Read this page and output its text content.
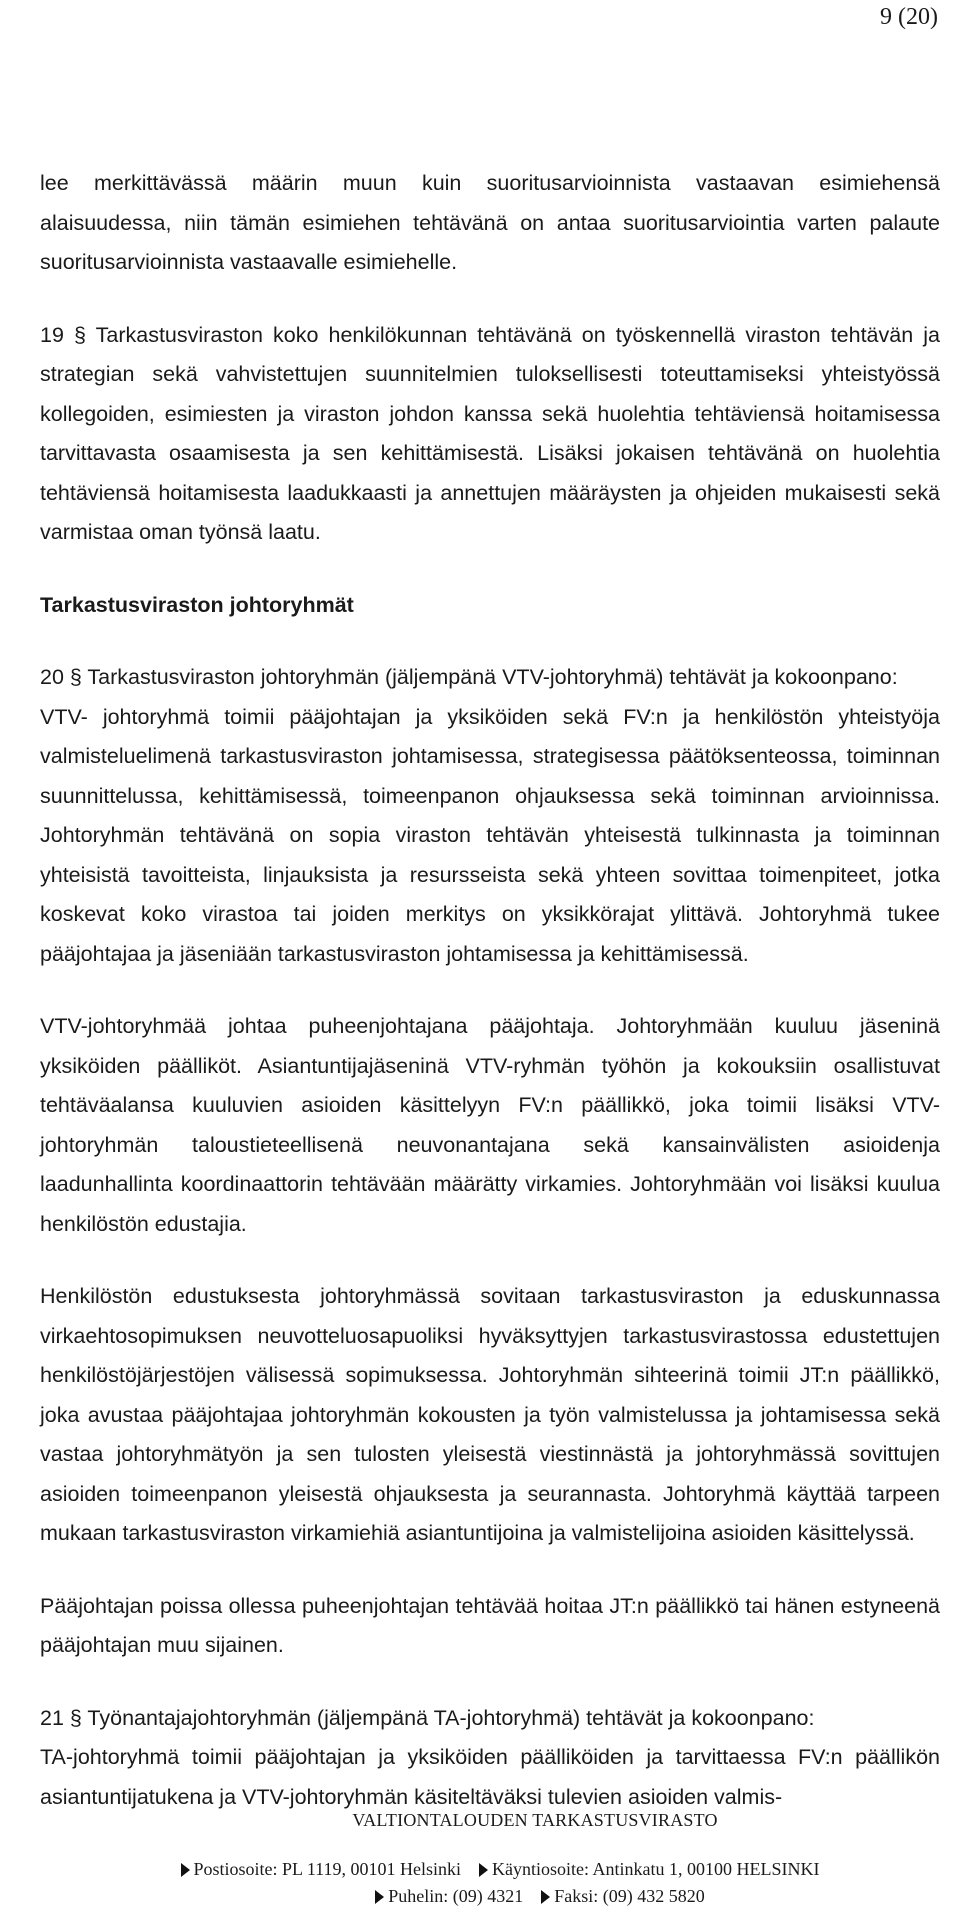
9 (20)

lee merkittävässä määrin muun kuin suoritusarvioinnista vastaavan esimiehensä alaisuudessa, niin tämän esimiehen tehtävänä on antaa suoritusarviointia varten palaute suoritusarvioinnista vastaavalle esimiehelle.

19 § Tarkastusviraston koko henkilökunnan tehtävänä on työskennellä viraston tehtävän ja strategian sekä vahvistettujen suunnitelmien tuloksellisesti toteuttamiseksi yhteistyössä kollegoiden, esimiesten ja viraston johdon kanssa sekä huolehtia tehtäviensä hoitamisessa tarvittavasta osaamisesta ja sen kehittämisestä. Lisäksi jokaisen tehtävänä on huolehtia tehtäviensä hoitamisesta laadukkaasti ja annettujen määräysten ja ohjeiden mukaisesti sekä varmistaa oman työnsä laatu.

Tarkastusviraston johtoryhmät

20 § Tarkastusviraston johtoryhmän (jäljempänä VTV-johtoryhmä) tehtävät ja kokoonpano:

VTV- johtoryhmä toimii pääjohtajan ja yksiköiden sekä FV:n ja henkilöstön yhteistyöja valmisteluelimenä tarkastusviraston johtamisessa, strategisessa päätöksenteossa, toiminnan suunnittelussa, kehittämisessä, toimeenpanon ohjauksessa sekä toiminnan arvioinnissa. Johtoryhmän tehtävänä on sopia viraston tehtävän yhteisestä tulkinnasta ja toiminnan yhteisistä tavoitteista, linjauksista ja resursseista sekä yhteen sovittaa toimenpiteet, jotka koskevat koko virastoa tai joiden merkitys on yksikkörajat ylittävä. Johtoryhmä tukee pääjohtajaa ja jäseniään tarkastusviraston johtamisessa ja kehittämisessä.

VTV-johtoryhmää johtaa puheenjohtajana pääjohtaja. Johtoryhmään kuuluu jäseninä yksiköiden päälliköt. Asiantuntijajäseninä VTV-ryhmän työhön ja kokouksiin osallistuvat tehtäväalansa kuuluvien asioiden käsittelyyn FV:n päällikkö, joka toimii lisäksi VTV-johtoryhmän taloustieteellisenä neuvonantajana sekä kansainvälisten asioidenja laadunhallinta koordinaattorin tehtävään määrätty virkamies. Johtoryhmään voi lisäksi kuulua henkilöstön edustajia.

Henkilöstön edustuksesta johtoryhmässä sovitaan tarkastusviraston ja eduskunnassa virkaehtosopimuksen neuvotteluosapuoliksi hyväksyttyjen tarkastusvirastossa edustettujen henkilöstöjärjestöjen välisessä sopimuksessa. Johtoryhmän sihteerinä toimii JT:n päällikkö, joka avustaa pääjohtajaa johtoryhmän kokousten ja työn valmistelussa ja johtamisessa sekä vastaa johtoryhmätyön ja sen tulosten yleisestä viestinnästä ja johtoryhmässä sovittujen asioiden toimeenpanon yleisestä ohjauksesta ja seurannasta. Johtoryhmä käyttää tarpeen mukaan tarkastusviraston virkamiehiä asiantuntijoina ja valmistelijoina asioiden käsittelyssä.

Pääjohtajan poissa ollessa puheenjohtajan tehtävää hoitaa JT:n päällikkö tai hänen estyneenä pääjohtajan muu sijainen.

21 § Työnantajajohtoryhmän (jäljempänä TA-johtoryhmä) tehtävät ja kokoonpano:

TA-johtoryhmä toimii pääjohtajan ja yksiköiden päälliköiden ja tarvittaessa FV:n päällikön asiantuntijatukena ja VTV-johtoryhmän käsiteltäväksi tulevien asioiden valmis-

VALTIONTALOUDEN TARKASTUSVIRASTO
Postiosoite: PL 1119, 00101 Helsinki Käyntiosoite: Antinkatu 1, 00100 HELSINKI
Puhelin: (09) 4321 Faksi: (09) 432 5820
